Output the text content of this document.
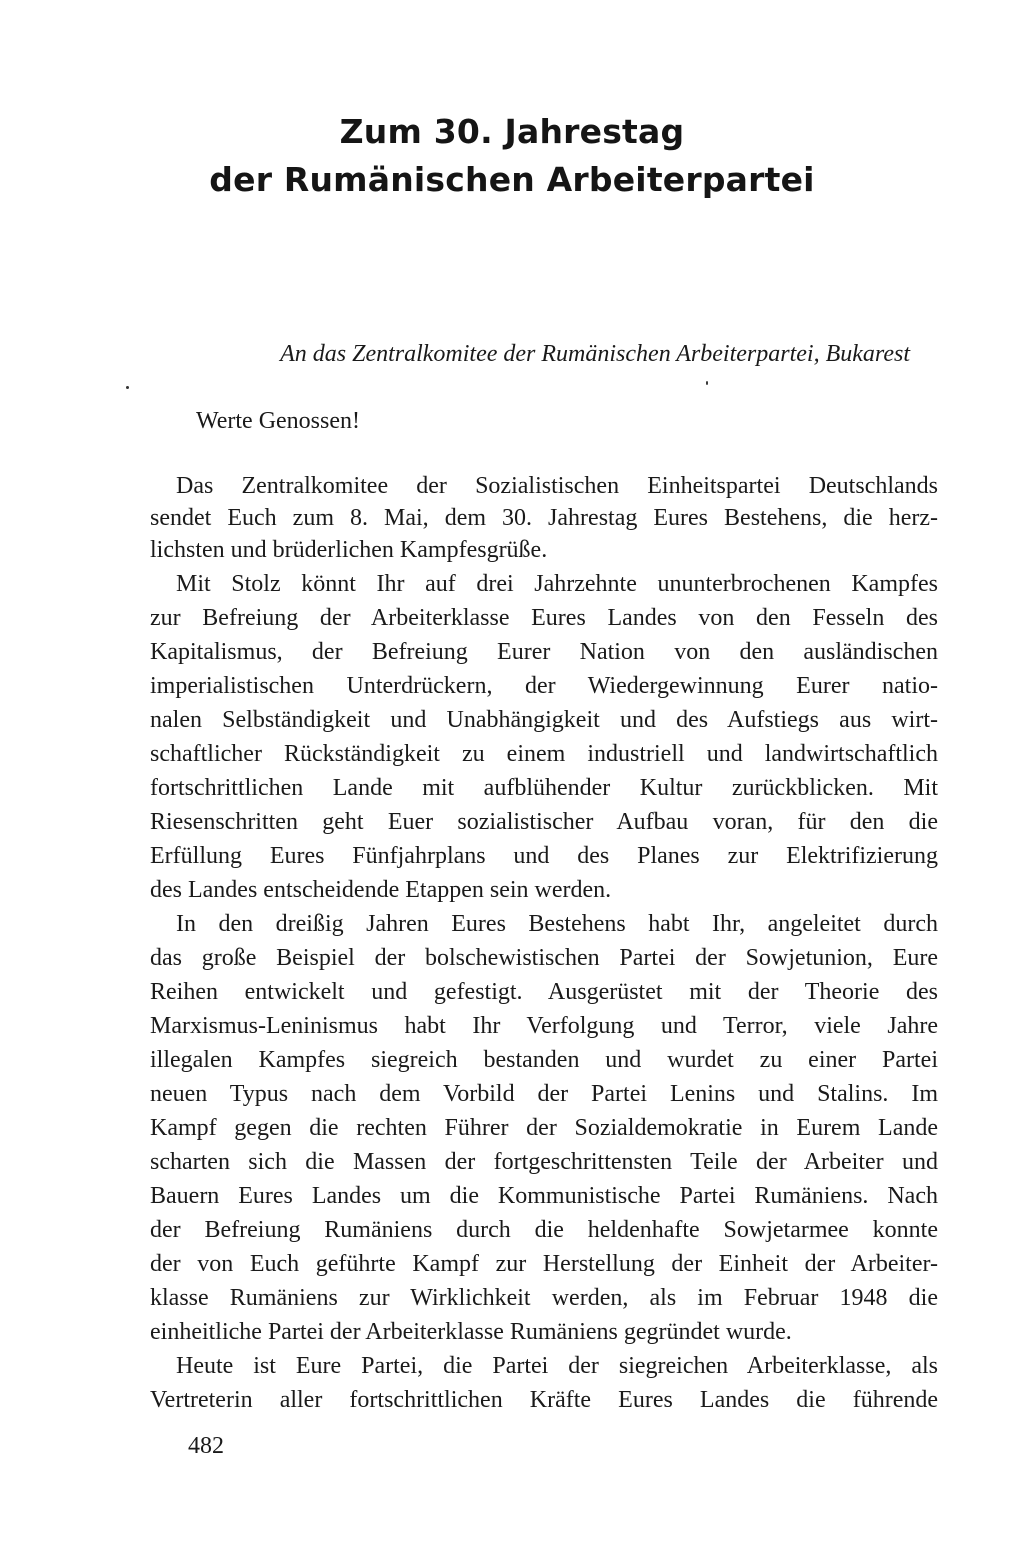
Zum 30. Jahrestag
der Rumänischen Arbeiterpartei
An das Zentralkomitee der Rumänischen Arbeiterpartei, Bukarest
Werte Genossen!
Das Zentralkomitee der Sozialistischen Einheitspartei Deutschlands
sendet Euch zum 8. Mai, dem 30. Jahrestag Eures Bestehens, die herz-
lichsten und brüderlichen Kampfesgrüße.
Mit Stolz könnt Ihr auf drei Jahrzehnte ununterbrochenen Kampfes
zur Befreiung der Arbeiterklasse Eures Landes von den Fesseln des
Kapitalismus, der Befreiung Eurer Nation von den ausländischen
imperialistischen Unterdrückern, der Wiedergewinnung Eurer natio-
nalen Selbständigkeit und Unabhängigkeit und des Aufstiegs aus wirt-
schaftlicher Rückständigkeit zu einem industriell und landwirtschaftlich
fortschrittlichen Lande mit aufblühender Kultur zurückblicken. Mit
Riesenschritten geht Euer sozialistischer Aufbau voran, für den die
Erfüllung Eures Fünfjahrplans und des Planes zur Elektrifizierung
des Landes entscheidende Etappen sein werden.
In den dreißig Jahren Eures Bestehens habt Ihr, angeleitet durch
das große Beispiel der bolschewistischen Partei der Sowjetunion, Eure
Reihen entwickelt und gefestigt. Ausgerüstet mit der Theorie des
Marxismus-Leninismus habt Ihr Verfolgung und Terror, viele Jahre
illegalen Kampfes siegreich bestanden und wurdet zu einer Partei
neuen Typus nach dem Vorbild der Partei Lenins und Stalins. Im
Kampf gegen die rechten Führer der Sozialdemokratie in Eurem Lande
scharten sich die Massen der fortgeschrittensten Teile der Arbeiter und
Bauern Eures Landes um die Kommunistische Partei Rumäniens. Nach
der Befreiung Rumäniens durch die heldenhafte Sowjetarmee konnte
der von Euch geführte Kampf zur Herstellung der Einheit der Arbeiter-
klasse Rumäniens zur Wirklichkeit werden, als im Februar 1948 die
einheitliche Partei der Arbeiterklasse Rumäniens gegründet wurde.
Heute ist Eure Partei, die Partei der siegreichen Arbeiterklasse, als
Vertreterin aller fortschrittlichen Kräfte Eures Landes die führende
482
